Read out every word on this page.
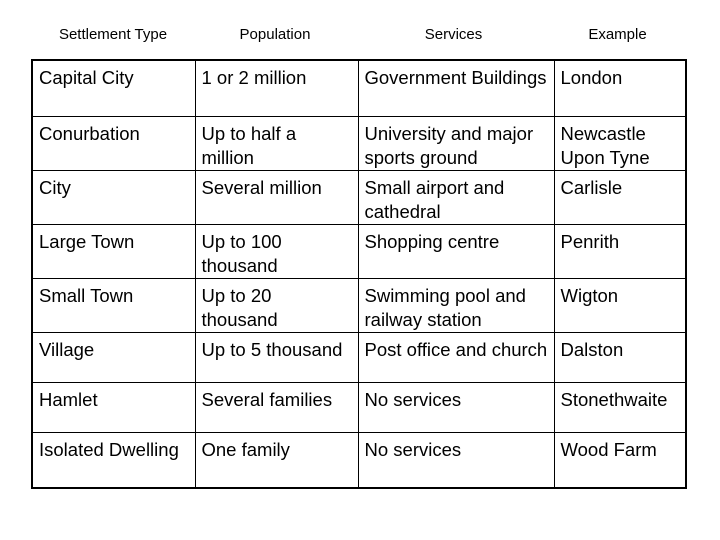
Settlement Type	Population	Services	Example
Capital City	1 or 2 million	Government Buildings	London
Conurbation	Up to half a million	University and major sports ground	Newcastle Upon Tyne
City	Several million	Small airport and cathedral	Carlisle
Large Town	Up to 100 thousand	Shopping centre	Penrith
Small Town	Up to 20 thousand	Swimming pool and railway station	Wigton
Village	Up to 5 thousand	Post office and church	Dalston
Hamlet	Several families	No services	Stonethwaite
Isolated Dwelling	One family	No services	Wood Farm
